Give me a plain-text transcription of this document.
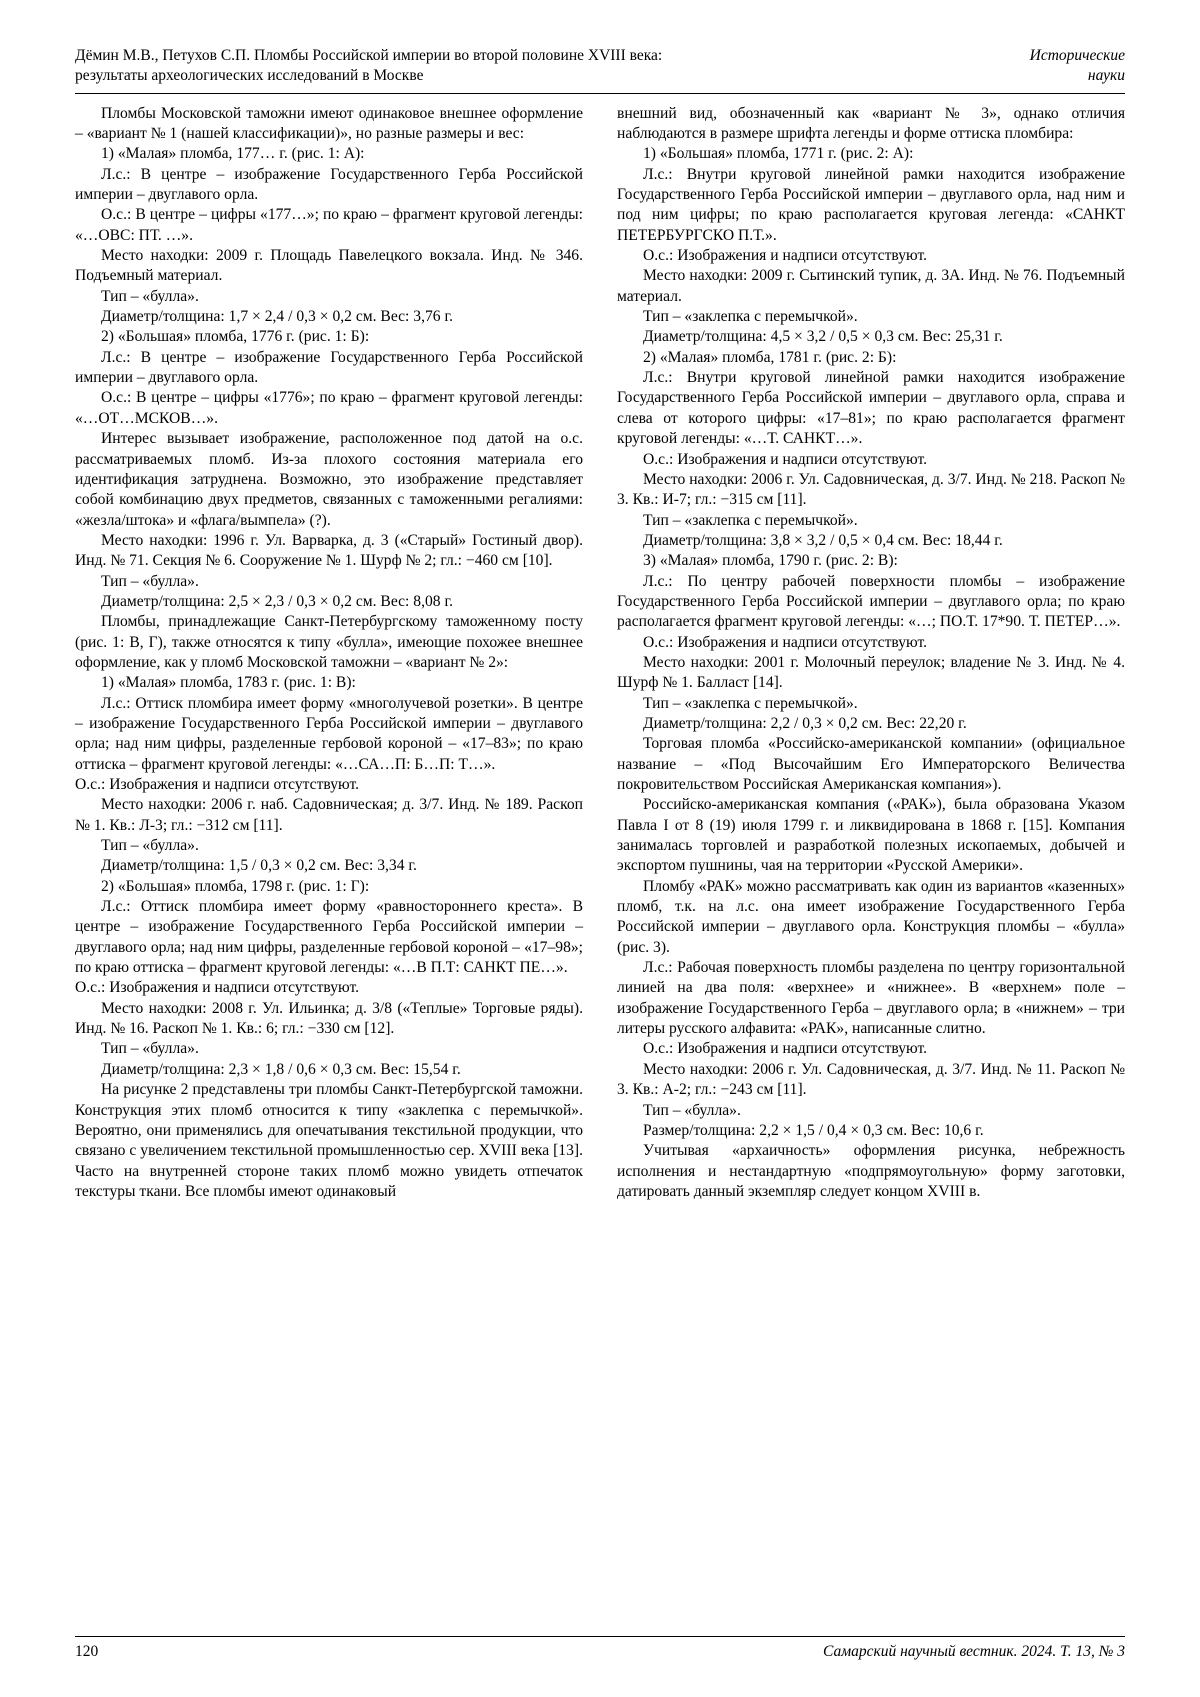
Дёмин М.В., Петухов С.П. Пломбы Российской империи во второй половине XVIII века:
результаты археологических исследований в Москве
Исторические
науки

Пломбы Московской таможни имеют одинаковое внешнее оформление – «вариант № 1 (нашей классификации)», но разные размеры и вес:

1) «Малая» пломба, 177… г. (рис. 1: А):

Л.с.: В центре – изображение Государственного Герба Российской империи – двуглавого орла.

О.с.: В центре – цифры «177…»; по краю – фрагмент круговой легенды: «…ОВС: ПТ. …».

Место находки: 2009 г. Площадь Павелецкого вокзала. Инд. № 346. Подъемный материал.

Тип – «булла».

Диаметр/толщина: 1,7 × 2,4 / 0,3 × 0,2 см. Вес: 3,76 г.

2) «Большая» пломба, 1776 г. (рис. 1: Б):

Л.с.: В центре – изображение Государственного Герба Российской империи – двуглавого орла.

О.с.: В центре – цифры «1776»; по краю – фрагмент круговой легенды: «…ОТ…МСКОВ…».

Интерес вызывает изображение, расположенное под датой на о.с. рассматриваемых пломб. Из-за плохого состояния материала его идентификация затруднена. Возможно, это изображение представляет собой комбинацию двух предметов, связанных с таможенными регалиями: «жезла/штока» и «флага/вымпела» (?).

Место находки: 1996 г. Ул. Варварка, д. 3 («Старый» Гостиный двор). Инд. № 71. Секция № 6. Сооружение № 1. Шурф № 2; гл.: −460 см [10].

Тип – «булла».

Диаметр/толщина: 2,5 × 2,3 / 0,3 × 0,2 см. Вес: 8,08 г.

Пломбы, принадлежащие Санкт-Петербургскому таможенному посту (рис. 1: В, Г), также относятся к типу «булла», имеющие похожее внешнее оформление, как у пломб Московской таможни – «вариант № 2»:

1) «Малая» пломба, 1783 г. (рис. 1: В):

Л.с.: Оттиск пломбира имеет форму «многолучевой розетки». В центре – изображение Государственного Герба Российской империи – двуглавого орла; над ним цифры, разделенные гербовой короной – «17–83»; по краю оттиска – фрагмент круговой легенды: «…СА…П: Б…П: Т…».

О.с.: Изображения и надписи отсутствуют.

Место находки: 2006 г. наб. Садовническая; д. 3/7. Инд. № 189. Раскоп № 1. Кв.: Л-3; гл.: −312 см [11].

Тип – «булла».

Диаметр/толщина: 1,5 / 0,3 × 0,2 см. Вес: 3,34 г.

2) «Большая» пломба, 1798 г. (рис. 1: Г):

Л.с.: Оттиск пломбира имеет форму «равностороннего креста». В центре – изображение Государственного Герба Российской империи – двуглавого орла; над ним цифры, разделенные гербовой короной – «17–98»; по краю оттиска – фрагмент круговой легенды: «…В П.Т: САНКТ ПЕ…».

О.с.: Изображения и надписи отсутствуют.

Место находки: 2008 г. Ул. Ильинка; д. 3/8 («Теплые» Торговые ряды). Инд. № 16. Раскоп № 1. Кв.: 6; гл.: −330 см [12].

Тип – «булла».

Диаметр/толщина: 2,3 × 1,8 / 0,6 × 0,3 см. Вес: 15,54 г.

На рисунке 2 представлены три пломбы Санкт-Петербургской таможни. Конструкция этих пломб относится к типу «заклепка с перемычкой». Вероятно, они применялись для опечатывания текстильной продукции, что связано с увеличением текстильной промышленностью сер. XVIII века [13]. Часто на внутренней стороне таких пломб можно увидеть отпечаток текстуры ткани. Все пломбы имеют одинаковый

внешний вид, обозначенный как «вариант № 3», однако отличия наблюдаются в размере шрифта легенды и форме оттиска пломбира:

1) «Большая» пломба, 1771 г. (рис. 2: А):

Л.с.: Внутри круговой линейной рамки находится изображение Государственного Герба Российской империи – двуглавого орла, над ним и под ним цифры; по краю располагается круговая легенда: «САНКТ ПЕТЕРБУРГСКО П.Т.».

О.с.: Изображения и надписи отсутствуют.

Место находки: 2009 г. Сытинский тупик, д. 3А. Инд. № 76. Подъемный материал.

Тип – «заклепка с перемычкой».

Диаметр/толщина: 4,5 × 3,2 / 0,5 × 0,3 см. Вес: 25,31 г.

2) «Малая» пломба, 1781 г. (рис. 2: Б):

Л.с.: Внутри круговой линейной рамки находится изображение Государственного Герба Российской империи – двуглавого орла, справа и слева от которого цифры: «17–81»; по краю располагается фрагмент круговой легенды: «…Т. САНКТ…».

О.с.: Изображения и надписи отсутствуют.

Место находки: 2006 г. Ул. Садовническая, д. 3/7. Инд. № 218. Раскоп № 3. Кв.: И-7; гл.: −315 см [11].

Тип – «заклепка с перемычкой».

Диаметр/толщина: 3,8 × 3,2 / 0,5 × 0,4 см. Вес: 18,44 г.

3) «Малая» пломба, 1790 г. (рис. 2: В):

Л.с.: По центру рабочей поверхности пломбы – изображение Государственного Герба Российской империи – двуглавого орла; по краю располагается фрагмент круговой легенды: «…; ПО.Т. 17*90. Т. ПЕТЕР…».

О.с.: Изображения и надписи отсутствуют.

Место находки: 2001 г. Молочный переулок; владение № 3. Инд. № 4. Шурф № 1. Балласт [14].

Тип – «заклепка с перемычкой».

Диаметр/толщина: 2,2 / 0,3 × 0,2 см. Вес: 22,20 г.

Торговая пломба «Российско-американской компании» (официальное название – «Под Высочайшим Его Императорского Величества покровительством Российская Американская компания»).

Российско-американская компания («РАК»), была образована Указом Павла I от 8 (19) июля 1799 г. и ликвидирована в 1868 г. [15]. Компания занималась торговлей и разработкой полезных ископаемых, добычей и экспортом пушнины, чая на территории «Русской Америки».

Пломбу «РАК» можно рассматривать как один из вариантов «казенных» пломб, т.к. на л.с. она имеет изображение Государственного Герба Российской империи – двуглавого орла. Конструкция пломбы – «булла» (рис. 3).

Л.с.: Рабочая поверхность пломбы разделена по центру горизонтальной линией на два поля: «верхнее» и «нижнее». В «верхнем» поле – изображение Государственного Герба – двуглавого орла; в «нижнем» – три литеры русского алфавита: «РАК», написанные слитно.

О.с.: Изображения и надписи отсутствуют.

Место находки: 2006 г. Ул. Садовническая, д. 3/7. Инд. № 11. Раскоп № 3. Кв.: А-2; гл.: −243 см [11].

Тип – «булла».

Размер/толщина: 2,2 × 1,5 / 0,4 × 0,3 см. Вес: 10,6 г.

Учитывая «архаичность» оформления рисунка, небрежность исполнения и нестандартную «подпрямоугольную» форму заготовки, датировать данный экземпляр следует концом XVIII в.

120	Самарский научный вестник. 2024. Т. 13, № 3
